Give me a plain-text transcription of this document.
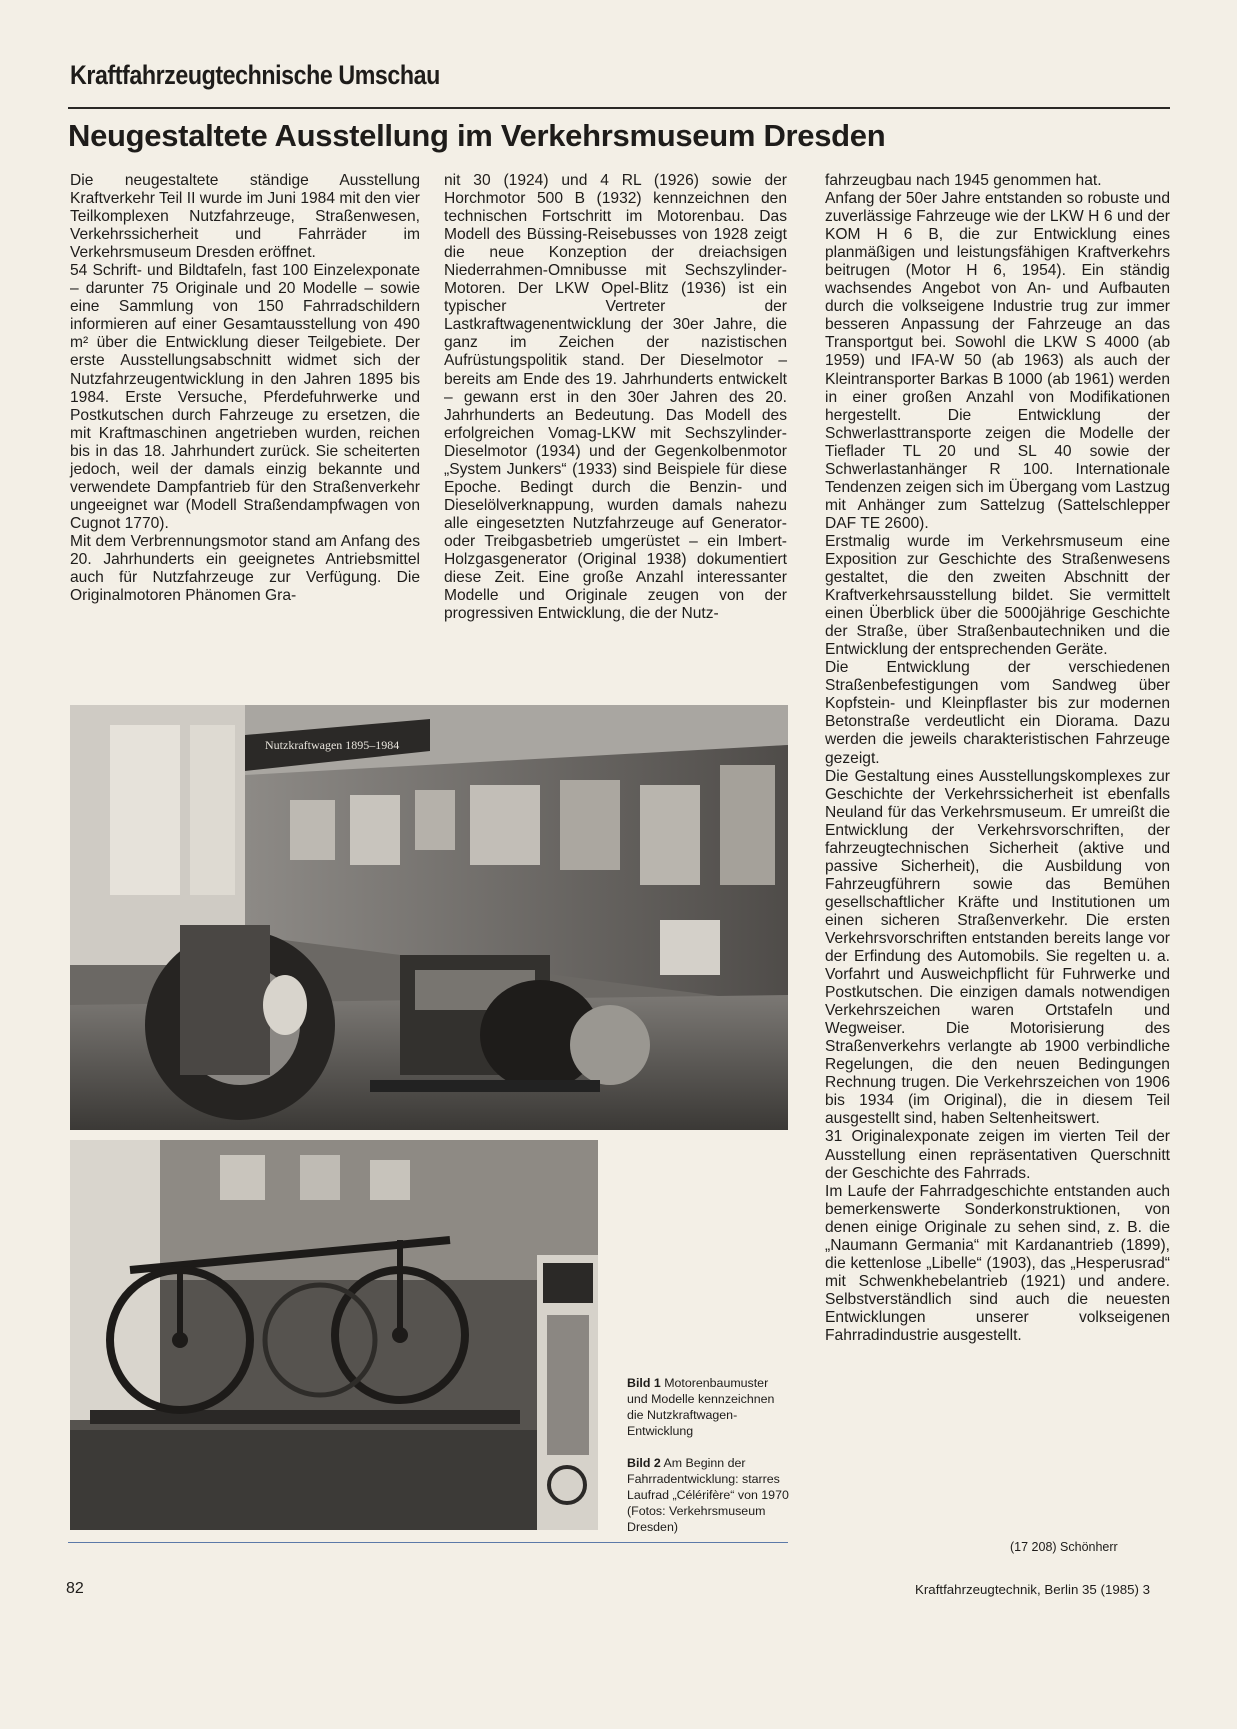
Kraftfahrzeugtechnische Umschau
Neugestaltete Ausstellung im Verkehrsmuseum Dresden

Die neugestaltete ständige Ausstellung Kraftverkehr Teil II wurde im Juni 1984 mit den vier Teilkomplexen Nutzfahrzeuge, Straßenwesen, Verkehrssicherheit und Fahrräder im Verkehrsmuseum Dresden eröffnet.

54 Schrift- und Bildtafeln, fast 100 Einzelexponate – darunter 75 Originale und 20 Modelle – sowie eine Sammlung von 150 Fahrradschildern informieren auf einer Gesamtausstellung von 490 m² über die Entwicklung dieser Teilgebiete. Der erste Ausstellungsabschnitt widmet sich der Nutzfahrzeugentwicklung in den Jahren 1895 bis 1984. Erste Versuche, Pferdefuhrwerke und Postkutschen durch Fahrzeuge zu ersetzen, die mit Kraftmaschinen angetrieben wurden, reichen bis in das 18. Jahrhundert zurück. Sie scheiterten jedoch, weil der damals einzig bekannte und verwendete Dampfantrieb für den Straßenverkehr ungeeignet war (Modell Straßendampfwagen von Cugnot 1770).

Mit dem Verbrennungsmotor stand am Anfang des 20. Jahrhunderts ein geeignetes Antriebsmittel auch für Nutzfahrzeuge zur Verfügung. Die Originalmotoren Phänomen Gra-

nit 30 (1924) und 4 RL (1926) sowie der Horchmotor 500 B (1932) kennzeichnen den technischen Fortschritt im Motorenbau. Das Modell des Büssing-Reisebusses von 1928 zeigt die neue Konzeption der dreiachsigen Niederrahmen-Omnibusse mit Sechszylinder-Motoren. Der LKW Opel-Blitz (1936) ist ein typischer Vertreter der Lastkraftwagenentwicklung der 30er Jahre, die ganz im Zeichen der nazistischen Aufrüstungspolitik stand. Der Dieselmotor – bereits am Ende des 19. Jahrhunderts entwickelt – gewann erst in den 30er Jahren des 20. Jahrhunderts an Bedeutung. Das Modell des erfolgreichen Vomag-LKW mit Sechszylinder-Dieselmotor (1934) und der Gegenkolbenmotor „System Junkers“ (1933) sind Beispiele für diese Epoche. Bedingt durch die Benzin- und Dieselölverknappung, wurden damals nahezu alle eingesetzten Nutzfahrzeuge auf Generator- oder Treibgasbetrieb umgerüstet – ein Imbert-Holzgasgenerator (Original 1938) dokumentiert diese Zeit. Eine große Anzahl interessanter Modelle und Originale zeugen von der progressiven Entwicklung, die der Nutz-

fahrzeugbau nach 1945 genommen hat.

Anfang der 50er Jahre entstanden so robuste und zuverlässige Fahrzeuge wie der LKW H 6 und der KOM H 6 B, die zur Entwicklung eines planmäßigen und leistungsfähigen Kraftverkehrs beitrugen (Motor H 6, 1954). Ein ständig wachsendes Angebot von An- und Aufbauten durch die volkseigene Industrie trug zur immer besseren Anpassung der Fahrzeuge an das Transportgut bei. Sowohl die LKW S 4000 (ab 1959) und IFA-W 50 (ab 1963) als auch der Kleintransporter Barkas B 1000 (ab 1961) werden in einer großen Anzahl von Modifikationen hergestellt. Die Entwicklung der Schwerlasttransporte zeigen die Modelle der Tieflader TL 20 und SL 40 sowie der Schwerlastanhänger R 100. Internationale Tendenzen zeigen sich im Übergang vom Lastzug mit Anhänger zum Sattelzug (Sattelschlepper DAF TE 2600).

Erstmalig wurde im Verkehrsmuseum eine Exposition zur Geschichte des Straßenwesens gestaltet, die den zweiten Abschnitt der Kraftverkehrsausstellung bildet. Sie vermittelt einen Überblick über die 5000jährige Geschichte der Straße, über Straßenbautechniken und die Entwicklung der entsprechenden Geräte.

Die Entwicklung der verschiedenen Straßenbefestigungen vom Sandweg über Kopfstein- und Kleinpflaster bis zur modernen Betonstraße verdeutlicht ein Diorama. Dazu werden die jeweils charakteristischen Fahrzeuge gezeigt.

Die Gestaltung eines Ausstellungskomplexes zur Geschichte der Verkehrssicherheit ist ebenfalls Neuland für das Verkehrsmuseum. Er umreißt die Entwicklung der Verkehrsvorschriften, der fahrzeugtechnischen Sicherheit (aktive und passive Sicherheit), die Ausbildung von Fahrzeugführern sowie das Bemühen gesellschaftlicher Kräfte und Institutionen um einen sicheren Straßenverkehr. Die ersten Verkehrsvorschriften entstanden bereits lange vor der Erfindung des Automobils. Sie regelten u. a. Vorfahrt und Ausweichpflicht für Fuhrwerke und Postkutschen. Die einzigen damals notwendigen Verkehrszeichen waren Ortstafeln und Wegweiser. Die Motorisierung des Straßenverkehrs verlangte ab 1900 verbindliche Regelungen, die den neuen Bedingungen Rechnung trugen. Die Verkehrszeichen von 1906 bis 1934 (im Original), die in diesem Teil ausgestellt sind, haben Seltenheitswert.

31 Originalexponate zeigen im vierten Teil der Ausstellung einen repräsentativen Querschnitt der Geschichte des Fahrrads.

Im Laufe der Fahrradgeschichte entstanden auch bemerkenswerte Sonderkonstruktionen, von denen einige Originale zu sehen sind, z. B. die „Naumann Germania“ mit Kardanantrieb (1899), die kettenlose „Libelle“ (1903), das „Hesperusrad“ mit Schwenkhebelantrieb (1921) und andere. Selbstverständlich sind auch die neuesten Entwicklungen unserer volkseigenen Fahrradindustrie ausgestellt.

Nutzkraftwagen 1895–1984
Bild 1 Motorenbaumuster und Modelle kennzeichnen die Nutzkraftwagen-Entwicklung
Bild 2 Am Beginn der Fahrradentwicklung: starres Laufrad „Célérifère“ von 1970 (Fotos: Verkehrsmuseum Dresden)
(17 208) Schönherr
82	Kraftfahrzeugtechnik, Berlin 35 (1985) 3
